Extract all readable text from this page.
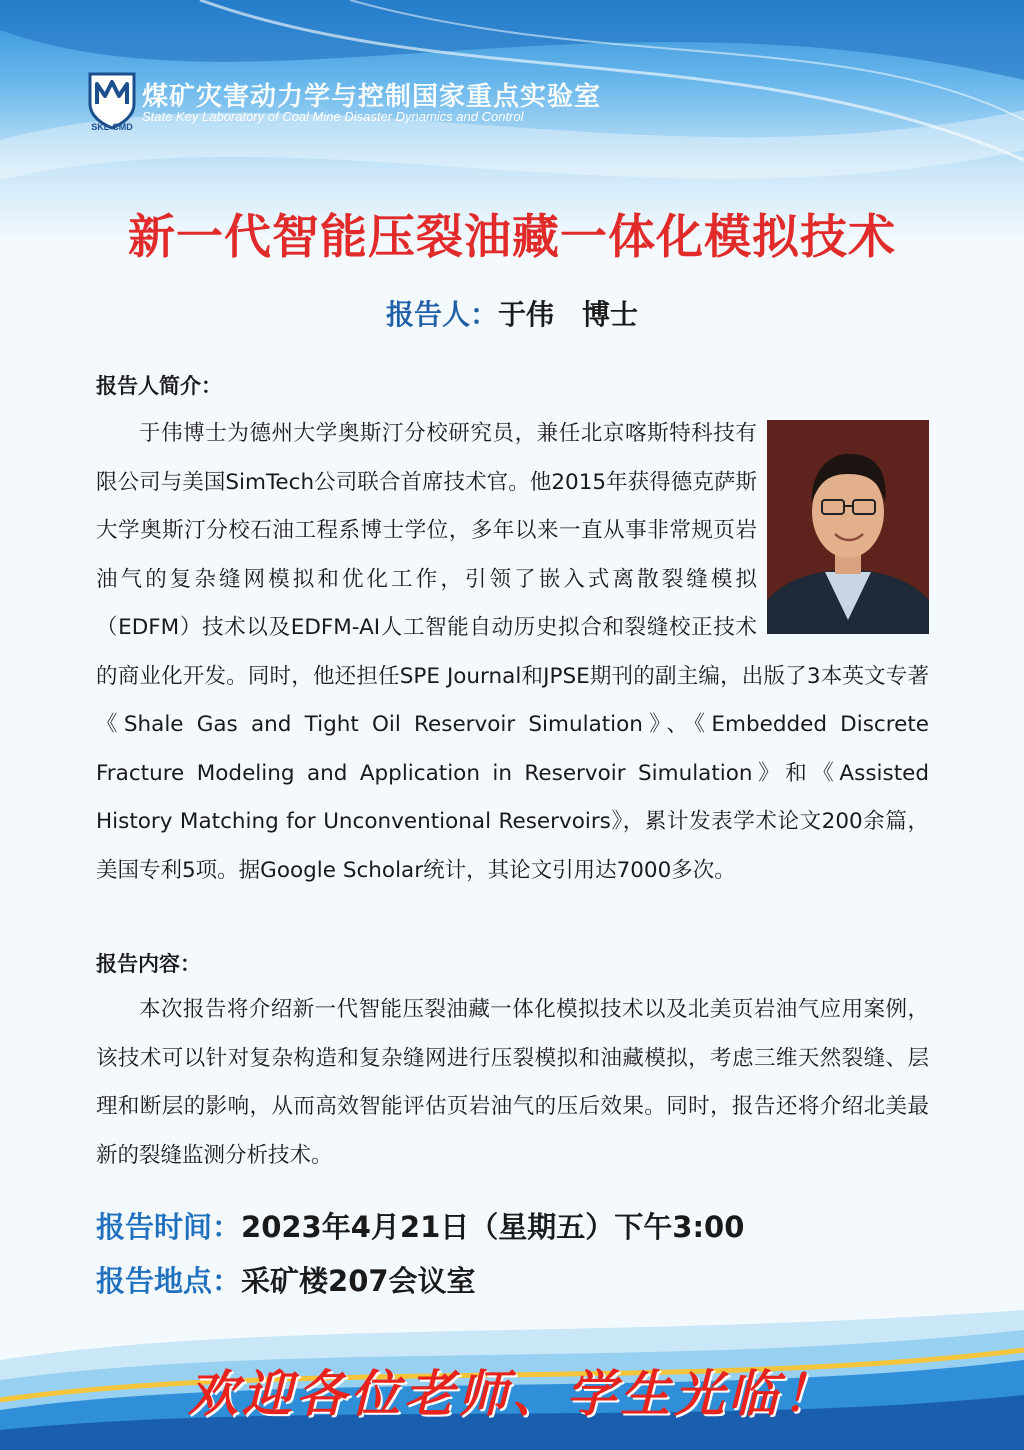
SKL-CMD
煤矿灾害动力学与控制国家重点实验室
State Key Laboratory of Coal Mine Disaster Dynamics and Control
新一代智能压裂油藏一体化模拟技术
报告人：于伟　博士
报告人简介：
于伟博士为德州大学奥斯汀分校研究员，兼任北京喀斯特科技有限公司与美国SimTech公司联合首席技术官。他2015年获得德克萨斯大学奥斯汀分校石油工程系博士学位，多年以来一直从事非常规页岩油气的复杂缝网模拟和优化工作，引领了嵌入式离散裂缝模拟（EDFM）技术以及EDFM-AI人工智能自动历史拟合和裂缝校正技术的商业化开发。同时，他还担任SPE Journal和JPSE期刊的副主编，出版了3本英文专著《Shale Gas and Tight Oil Reservoir Simulation》、《Embedded Discrete Fracture Modeling and Application in Reservoir Simulation》和《Assisted History Matching for Unconventional Reservoirs》，累计发表学术论文200余篇，美国专利5项。据Google Scholar统计，其论文引用达7000多次。
报告内容：
本次报告将介绍新一代智能压裂油藏一体化模拟技术以及北美页岩油气应用案例，该技术可以针对复杂构造和复杂缝网进行压裂模拟和油藏模拟，考虑三维天然裂缝、层理和断层的影响，从而高效智能评估页岩油气的压后效果。同时，报告还将介绍北美最新的裂缝监测分析技术。
报告时间：2023年4月21日（星期五）下午3:00
报告地点：采矿楼207会议室
欢迎各位老师、学生光临！
